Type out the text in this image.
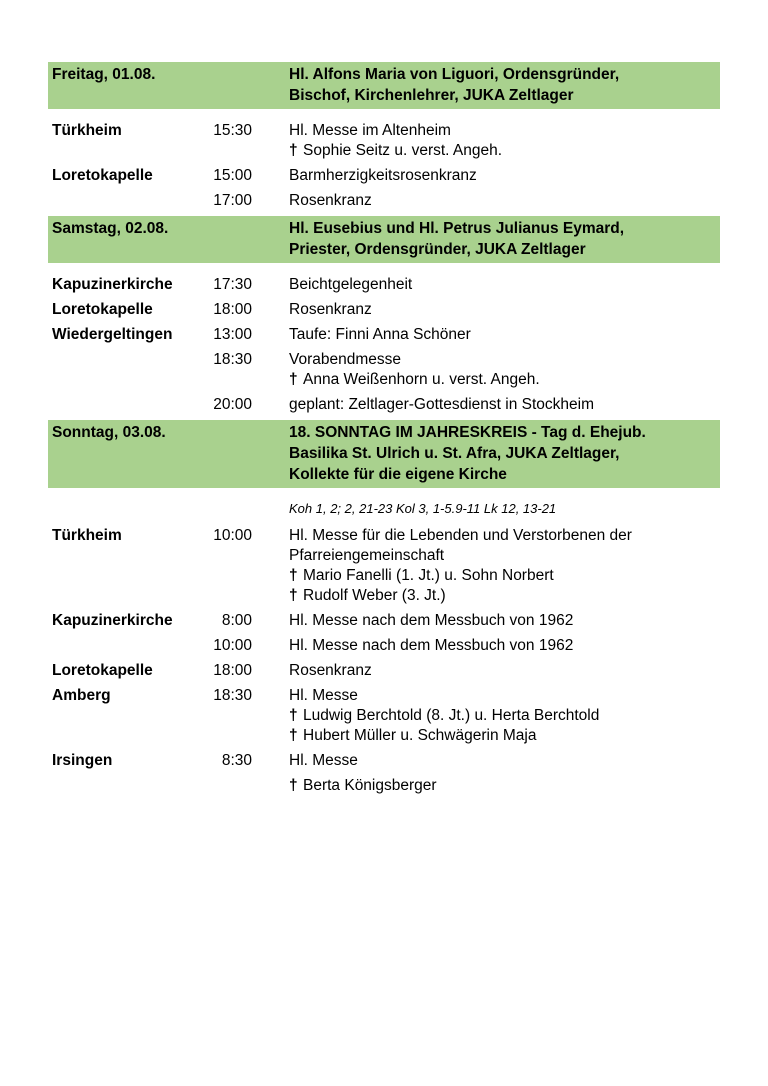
Freitag, 01.08.	Hl. Alfons Maria von Liguori, Ordensgründer,
Bischof, Kirchenlehrer, JUKA Zeltlager
Türkheim	15:30 Hl. Messe im Altenheim
† Sophie Seitz u. verst. Angeh.
Loretokapelle	15:00 Barmherzigkeitsrosenkranz
17:00 Rosenkranz
Samstag, 02.08.	Hl. Eusebius und Hl. Petrus Julianus Eymard,
Priester, Ordensgründer, JUKA Zeltlager
Kapuzinerkirche	17:30 Beichtgelegenheit
Loretokapelle	18:00 Rosenkranz
Wiedergeltingen	13:00 Taufe: Finni Anna Schöner
18:30 Vorabendmesse
† Anna Weißenhorn u. verst. Angeh.
20:00 geplant: Zeltlager-Gottesdienst in Stockheim
Sonntag, 03.08.	18. SONNTAG IM JAHRESKREIS - Tag d. Ehejub.
Basilika St. Ulrich u. St. Afra, JUKA Zeltlager,
Kollekte für die eigene Kirche
Koh 1, 2; 2, 21-23 Kol 3, 1-5.9-11 Lk 12, 13-21
Türkheim	10:00 Hl. Messe für die Lebenden und Verstorbenen der
Pfarreiengemeinschaft
† Mario Fanelli (1. Jt.) u. Sohn Norbert
† Rudolf Weber (3. Jt.)
Kapuzinerkirche	8:00 Hl. Messe nach dem Messbuch von 1962
10:00 Hl. Messe nach dem Messbuch von 1962
Loretokapelle	18:00 Rosenkranz
Amberg	18:30 Hl. Messe
† Ludwig Berchtold (8. Jt.) u. Herta Berchtold
† Hubert Müller u. Schwägerin Maja
Irsingen	8:30 Hl. Messe
† Berta Königsberger
